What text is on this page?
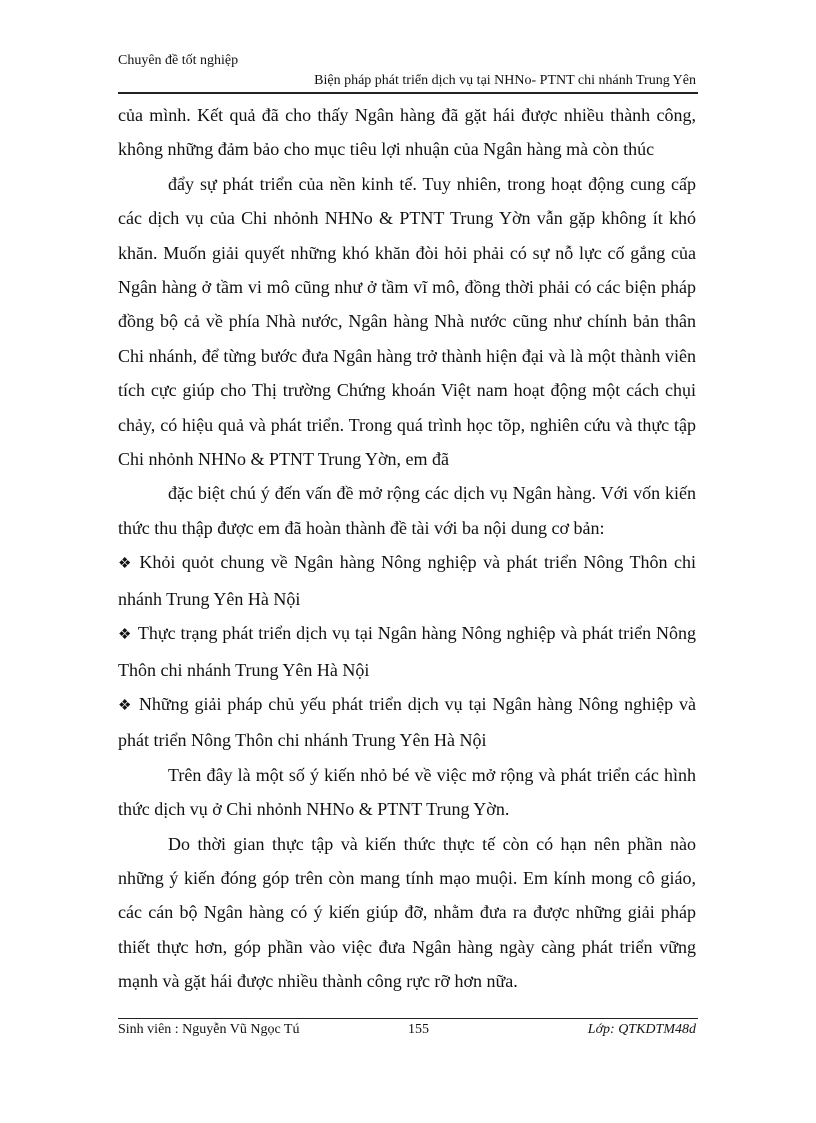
Chuyên đề tốt nghiệp
Biện pháp phát triển dịch vụ tại NHNo- PTNT chi nhánh Trung Yên

của mình. Kết quả đã cho thấy Ngân hàng đã gặt hái được nhiều thành công, không những đảm bảo cho mục tiêu lợi nhuận của Ngân hàng mà còn thúc

đẩy sự phát triển của nền kinh tế. Tuy nhiên, trong hoạt động cung cấp các dịch vụ của Chi nhỏnh NHNo & PTNT Trung Yờn vẫn gặp không ít khó khăn. Muốn giải quyết những khó khăn đòi hỏi phải có sự nỗ lực cố gắng của Ngân hàng ở tầm vi mô cũng như ở tầm vĩ mô, đồng thời phải có các biện pháp đồng bộ cả về phía Nhà nước, Ngân hàng Nhà nước cũng như chính bản thân Chi nhánh, để từng bước đưa Ngân hàng trở thành hiện đại và là một thành viên tích cực giúp cho Thị trường Chứng khoán Việt nam hoạt động một cách chụi chảy, có hiệu quả và phát triển. Trong quá trình học tõp, nghiên cứu và thực tập Chi nhỏnh NHNo & PTNT Trung Yờn, em đã

đặc biệt chú ý đến vấn đề mở rộng các dịch vụ Ngân hàng. Với vốn kiến thức thu thập được em đã hoàn thành đề tài với ba nội dung cơ bản:

❖ Khỏi quỏt chung về Ngân hàng Nông nghiệp và phát triển Nông Thôn chi nhánh Trung Yên Hà Nội

❖ Thực trạng phát triển dịch vụ tại Ngân hàng Nông nghiệp và phát triển Nông Thôn chi nhánh Trung Yên Hà Nội

❖ Những giải pháp chủ yếu phát triển dịch vụ tại Ngân hàng Nông nghiệp và phát triển Nông Thôn chi nhánh Trung Yên Hà Nội

Trên đây là một số ý kiến nhỏ bé về việc mở rộng và phát triển các hình thức dịch vụ ở Chi nhỏnh NHNo & PTNT Trung Yờn.

Do thời gian thực tập và kiến thức thực tế còn có hạn nên phần nào những ý kiến đóng góp trên còn mang tính mạo muội. Em kính mong cô giáo, các cán bộ Ngân hàng có ý kiến giúp đỡ, nhằm đưa ra được những giải pháp thiết thực hơn, góp phần vào việc đưa Ngân hàng ngày càng phát triển vững mạnh và gặt hái được nhiều thành công rực rỡ hơn nữa.

Sinh viên : Nguyễn Vũ Ngọc Tú	155	Lớp: QTKDTM48d
